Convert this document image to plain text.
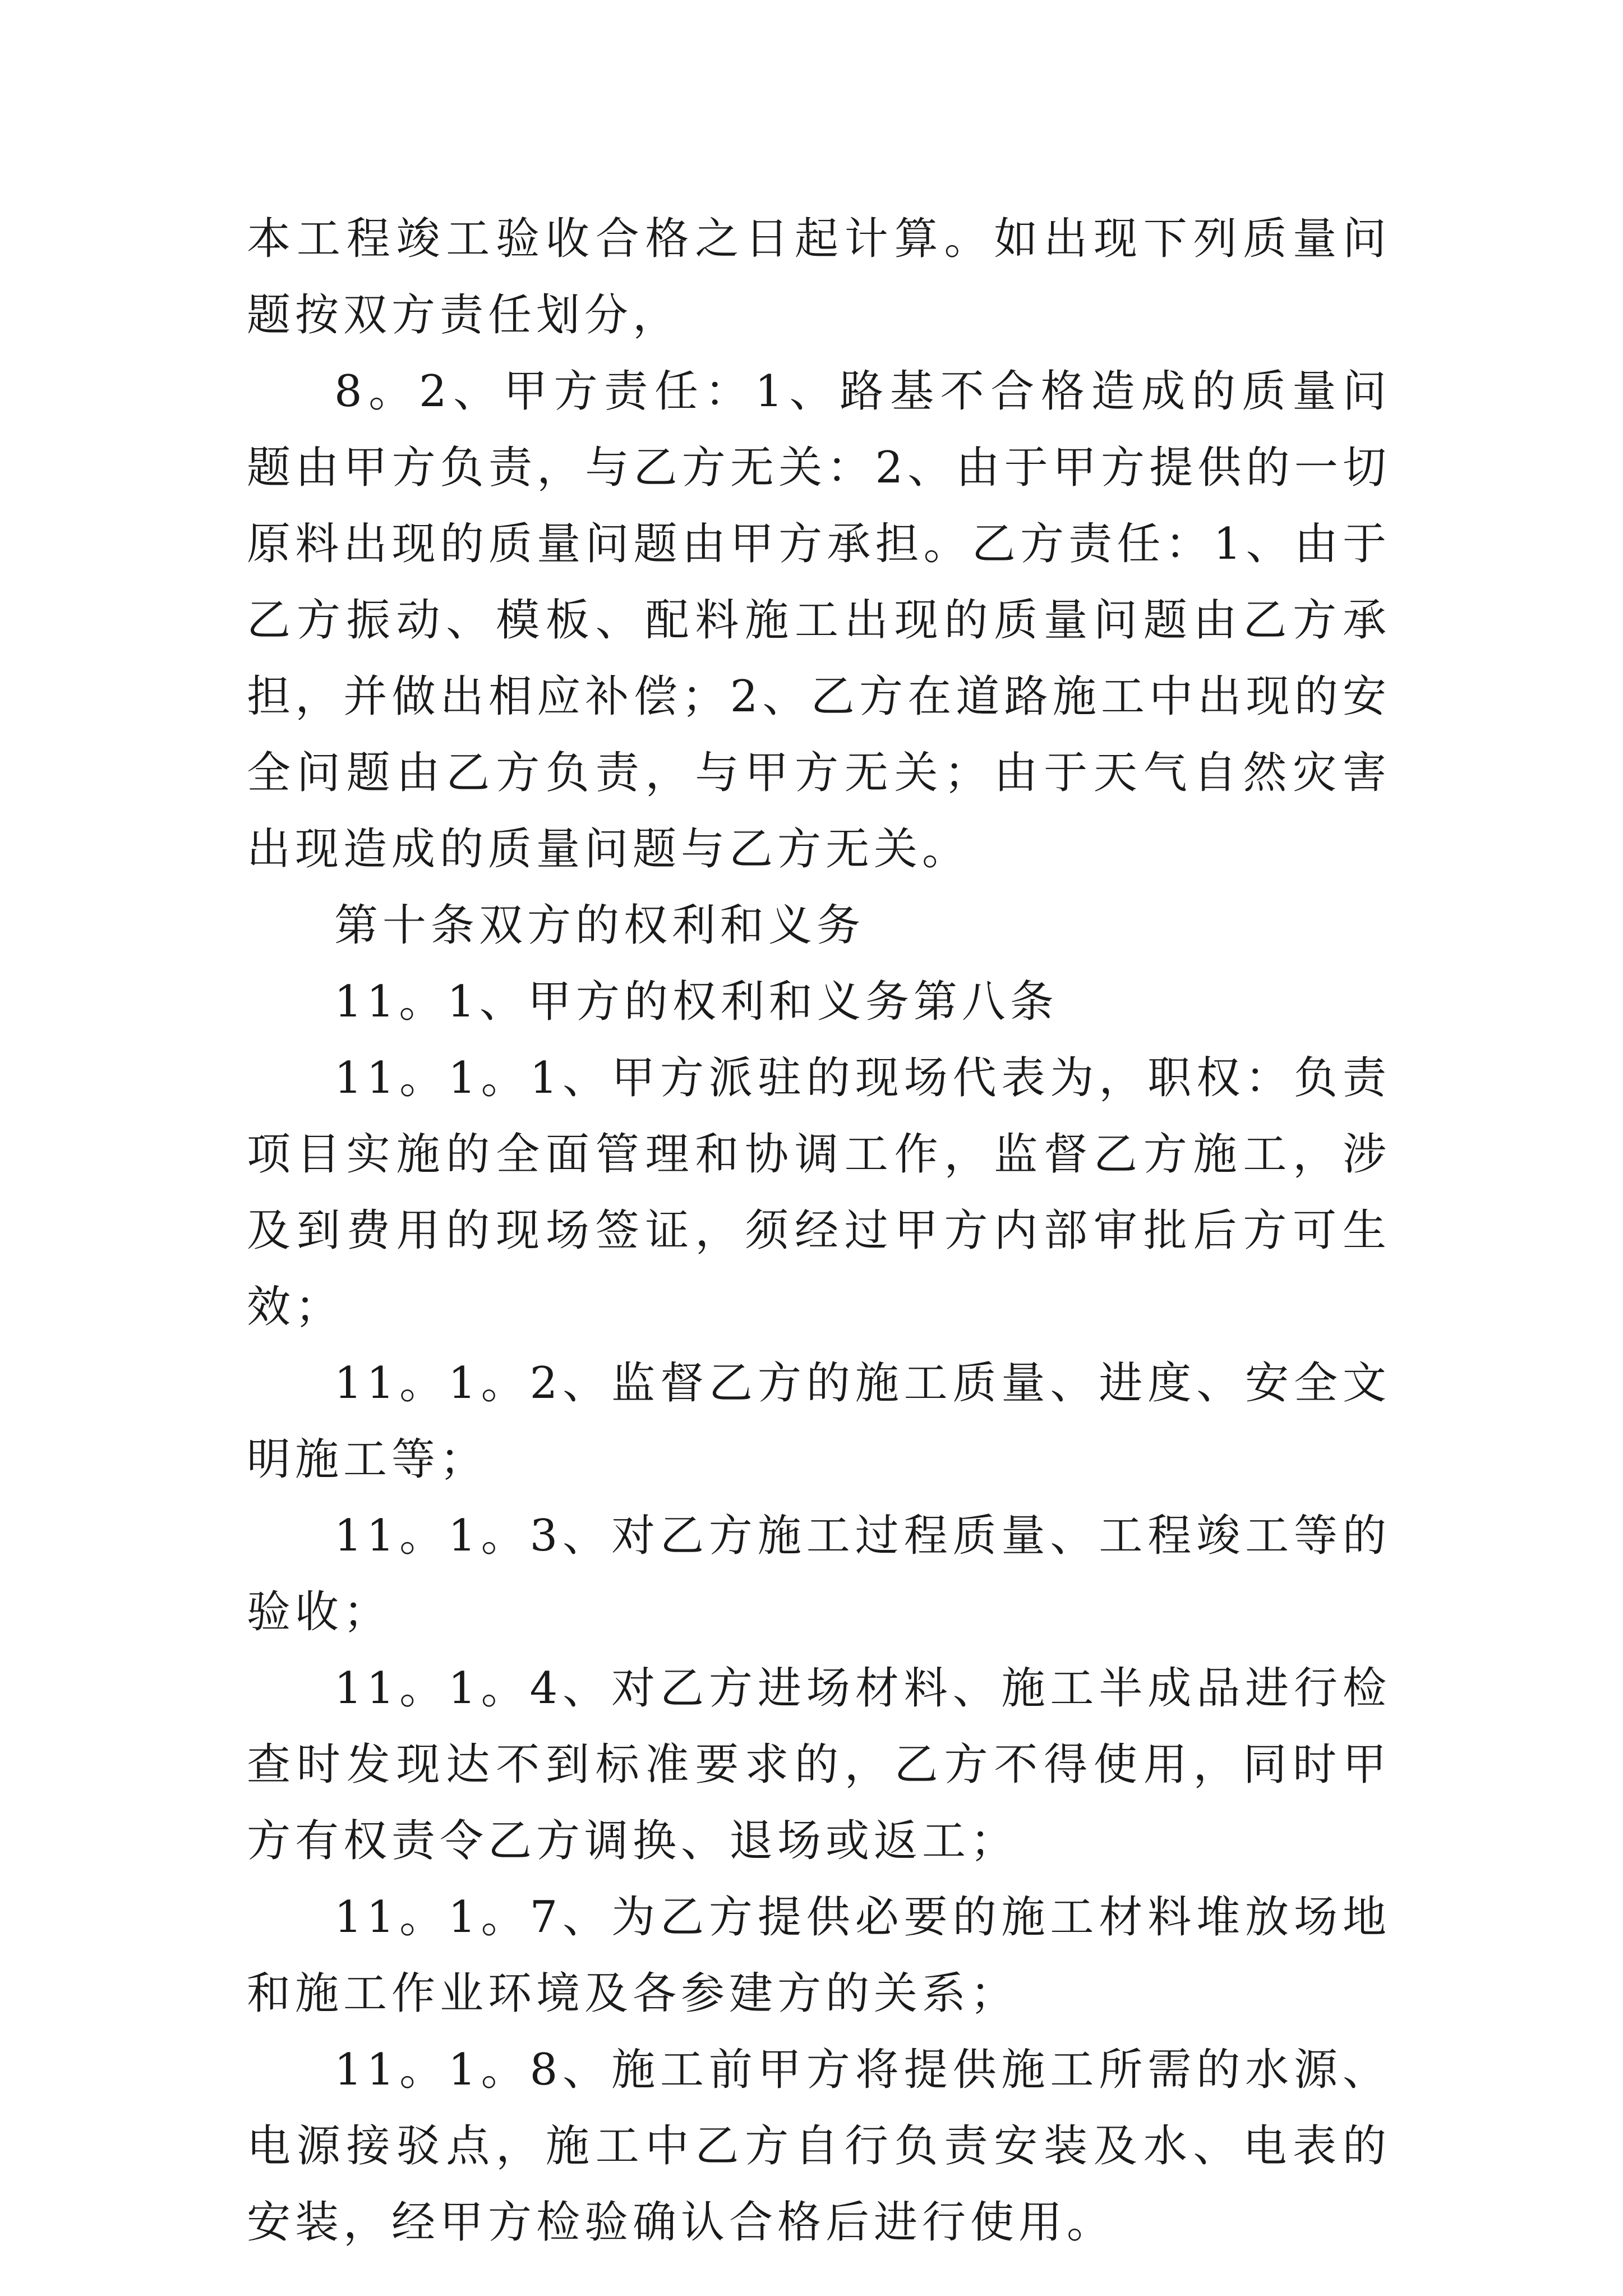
本工程竣工验收合格之日起计算。如出现下列质量问题按双方责任划分，

8。2、甲方责任：1、路基不合格造成的质量问题由甲方负责，与乙方无关：2、由于甲方提供的一切原料出现的质量问题由甲方承担。乙方责任：1、由于乙方振动、模板、配料施工出现的质量问题由乙方承担，并做出相应补偿；2、乙方在道路施工中出现的安全问题由乙方负责，与甲方无关；由于天气自然灾害出现造成的质量问题与乙方无关。

第十条双方的权利和义务

11。1、甲方的权利和义务第八条

11。1。1、甲方派驻的现场代表为，职权：负责项目实施的全面管理和协调工作，监督乙方施工，涉及到费用的现场签证，须经过甲方内部审批后方可生效；

11。1。2、监督乙方的施工质量、进度、安全文明施工等；

11。1。3、对乙方施工过程质量、工程竣工等的验收；

11。1。4、对乙方进场材料、施工半成品进行检查时发现达不到标准要求的，乙方不得使用，同时甲方有权责令乙方调换、退场或返工；

11。1。7、为乙方提供必要的施工材料堆放场地和施工作业环境及各参建方的关系；

11。1。8、施工前甲方将提供施工所需的水源、电源接驳点，施工中乙方自行负责安装及水、电表的安装，经甲方检验确认合格后进行使用。
